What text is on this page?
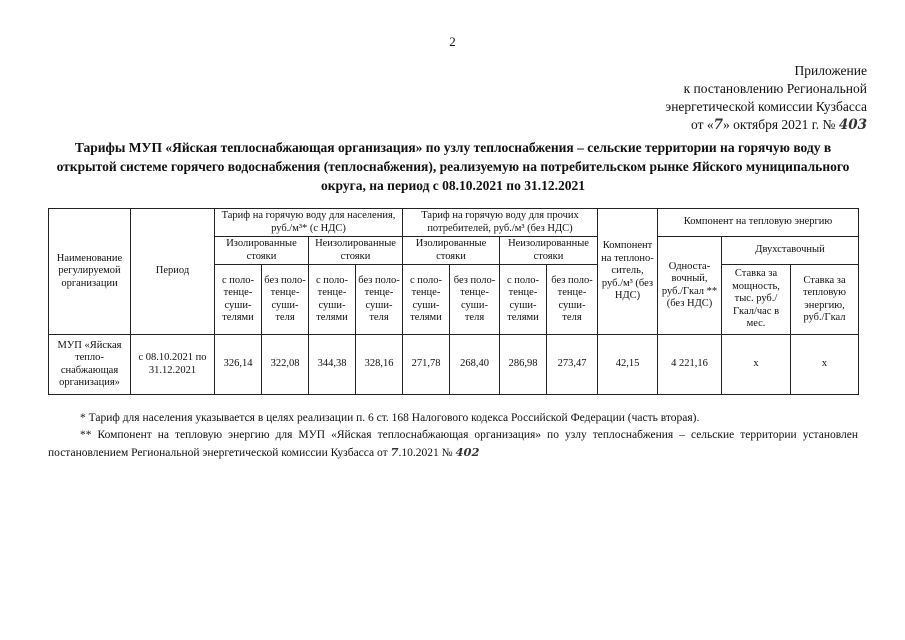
2
Приложение
к постановлению Региональной
энергетической комиссии Кузбасса
от «7» октября 2021 г. № 403
Тарифы МУП «Яйская теплоснабжающая организация» по узлу теплоснабжения – сельские территории на горячую воду в открытой системе горячего водоснабжения (теплоснабжения), реализуемую на потребительском рынке Яйского муниципального округа, на период с 08.10.2021 по 31.12.2021
Наименование регулируемой организации	Период	Тариф на горячую воду для населения, руб./м³* (с НДС)				Тариф на горячую воду для прочих потребителей, руб./м³ (без НДС)				Компонент на теплоно-ситель, руб./м³ (без НДС)	Компонент на тепловую энергию		
		Изолированные стояки		Неизолированные стояки		Изолированные стояки		Неизолированные стояки			Односта-вочный, руб./Гкал ** (без НДС)	Двухставочный	
		с поло-тенце-суши-телями	без поло-тенце-суши-теля	с поло-тенце-суши-телями	без поло-тенце-суши-теля	с поло-тенце-суши-телями	без поло-тенце-суши-теля	с поло-тенце-суши-телями	без поло-тенце-суши-теля			Ставка за мощность, тыс. руб./ Гкал/час в мес.	Ставка за тепловую энергию, руб./Гкал

МУП «Яйская тепло-снабжающая организация»	с 08.10.2021 по 31.12.2021	326,14	322,08	344,38	328,16	271,78	268,40	286,98	273,47	42,15	4 221,16	х	х
* Тариф для населения указывается в целях реализации п. 6 ст. 168 Налогового кодекса Российской Федерации (часть вторая).
** Компонент на тепловую энергию для МУП «Яйская теплоснабжающая организация» по узлу теплоснабжения – сельские территории установлен постановлением Региональной энергетической комиссии Кузбасса от 7.10.2021 № 402
